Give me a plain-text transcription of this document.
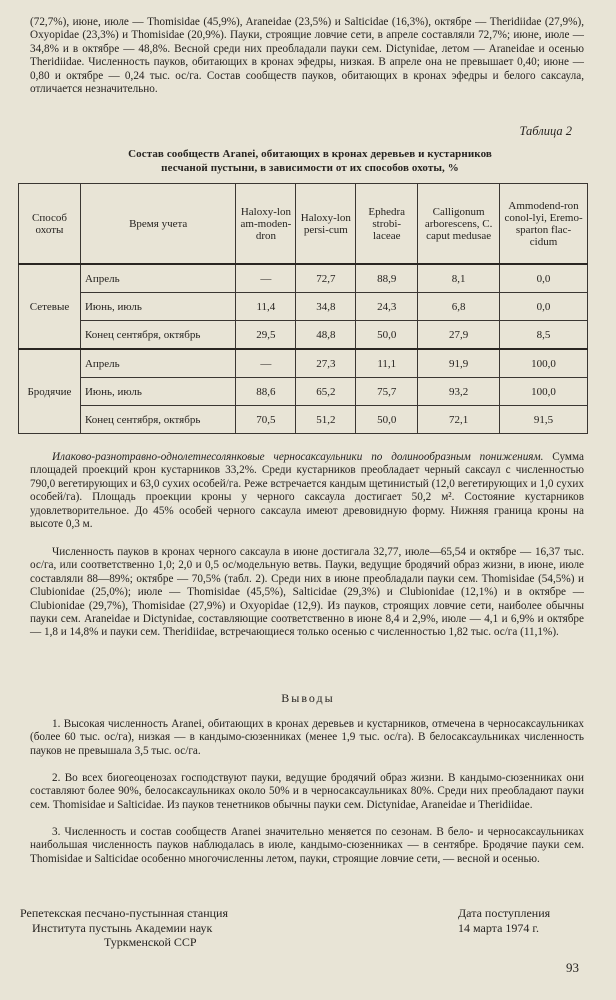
(72,7%), июне, июле — Thomisidae (45,9%), Araneidae (23,5%) и Salticidae (16,3%), октябре — Theridiidae (27,9%), Oxyopidae (23,3%) и Thomisidae (20,9%). Пауки, строящие ловчие сети, в апреле составляли 72,7%; июне, июле — 34,8% и в октябре — 48,8%. Весной среди них преобладали пауки сем. Dictynidae, летом — Araneidae и осенью Theridiidae. Численность пауков, обитающих в кронах эфедры, низкая. В апреле она не превышает 0,40; июне — 0,80 и октябре — 0,24 тыс. ос/га. Состав сообществ пауков, обитающих в кронах эфедры и белого саксаула, отличается незначительно.

Таблица 2

Состав сообществ Aranei, обитающих в кронах деревьев и кустарников
песчаной пустыни, в зависимости от их способов охоты, %

Способ охоты	Время учета	Haloxy-lon am-moden-dron	Haloxy-lon persi-cum	Ephedra strobi-laceae	Calligonum arborescens, C. caput medusae	Ammodend-ron conol-lyi, Eremo-sparton flac-cidum
Сетевые	Апрель	—	72,7	88,9	8,1	0,0
	Июнь, июль	11,4	34,8	24,3	6,8	0,0
	Конец сентября, октябрь	29,5	48,8	50,0	27,9	8,5
Бродячие	Апрель	—	27,3	11,1	91,9	100,0
	Июнь, июль	88,6	65,2	75,7	93,2	100,0
	Конец сентября, октябрь	70,5	51,2	50,0	72,1	91,5

Илаково-разнотравно-однолетнесолянковые черносаксаульники по долинообразным понижениям. Сумма площадей проекций крон кустарников 33,2%. Среди кустарников преобладает черный саксаул с численностью 790,0 вегетирующих и 63,0 сухих особей/га. Реже встречается кандым щетинистый (12,0 вегетирующих и 1,0 сухих особей/га). Площадь проекции кроны у черного саксаула достигает 50,2 м². Состояние кустарников удовлетворительное. До 45% особей черного саксаула имеют древовидную форму. Нижняя граница кроны на высоте 0,3 м.

Численность пауков в кронах черного саксаула в июне достигала 32,77, июле—65,54 и октябре — 16,37 тыс. ос/га, или соответственно 1,0; 2,0 и 0,5 ос/модельную ветвь. Пауки, ведущие бродячий образ жизни, в июне, июле составляли 88—89%; октябре — 70,5% (табл. 2). Среди них в июне преобладали пауки сем. Thomisidae (54,5%) и Clubionidae (25,0%); июле — Thomisidae (45,5%), Salticidae (29,3%) и Clubionidae (12,1%) и в октябре — Clubionidae (29,7%), Thomisidae (27,9%) и Oxyopidae (12,9). Из пауков, строящих ловчие сети, наиболее обычны пауки сем. Araneidae и Dictynidae, составляющие соответственно в июне 8,4 и 2,9%, июле — 4,1 и 6,9% и октябре — 1,8 и 14,8% и пауки сем. Theridiidae, встречающиеся только осенью с численностью 1,82 тыс. ос/га (11,1%).

Выводы

1. Высокая численность Aranei, обитающих в кронах деревьев и кустарников, отмечена в черносаксаульниках (более 60 тыс. ос/га), низкая — в кандымо-сюзенниках (менее 1,9 тыс. ос/га). В белосаксаульниках численность пауков не превышала 3,5 тыс. ос/га.

2. Во всех биогеоценозах господствуют пауки, ведущие бродячий образ жизни. В кандымо-сюзенниках они составляют более 90%, белосаксаульниках около 50% и в черносаксаульниках 80%. Среди них преобладают пауки сем. Thomisidae и Salticidae. Из пауков тенетников обычны пауки сем. Dictynidae, Araneidae и Theridiidae.

3. Численность и состав сообществ Aranei значительно меняется по сезонам. В бело- и черносаксаульниках наибольшая численность пауков наблюдалась в июле, кандымо-сюзенниках — в сентябре. Бродячие пауки сем. Thomisidae и Salticidae особенно многочисленны летом, пауки, строящие ловчие сети, — весной и осенью.

Репетекская песчано-пустынная станция
Института пустынь Академии наук
Туркменской ССР

Дата поступления
14 марта 1974 г.

93
